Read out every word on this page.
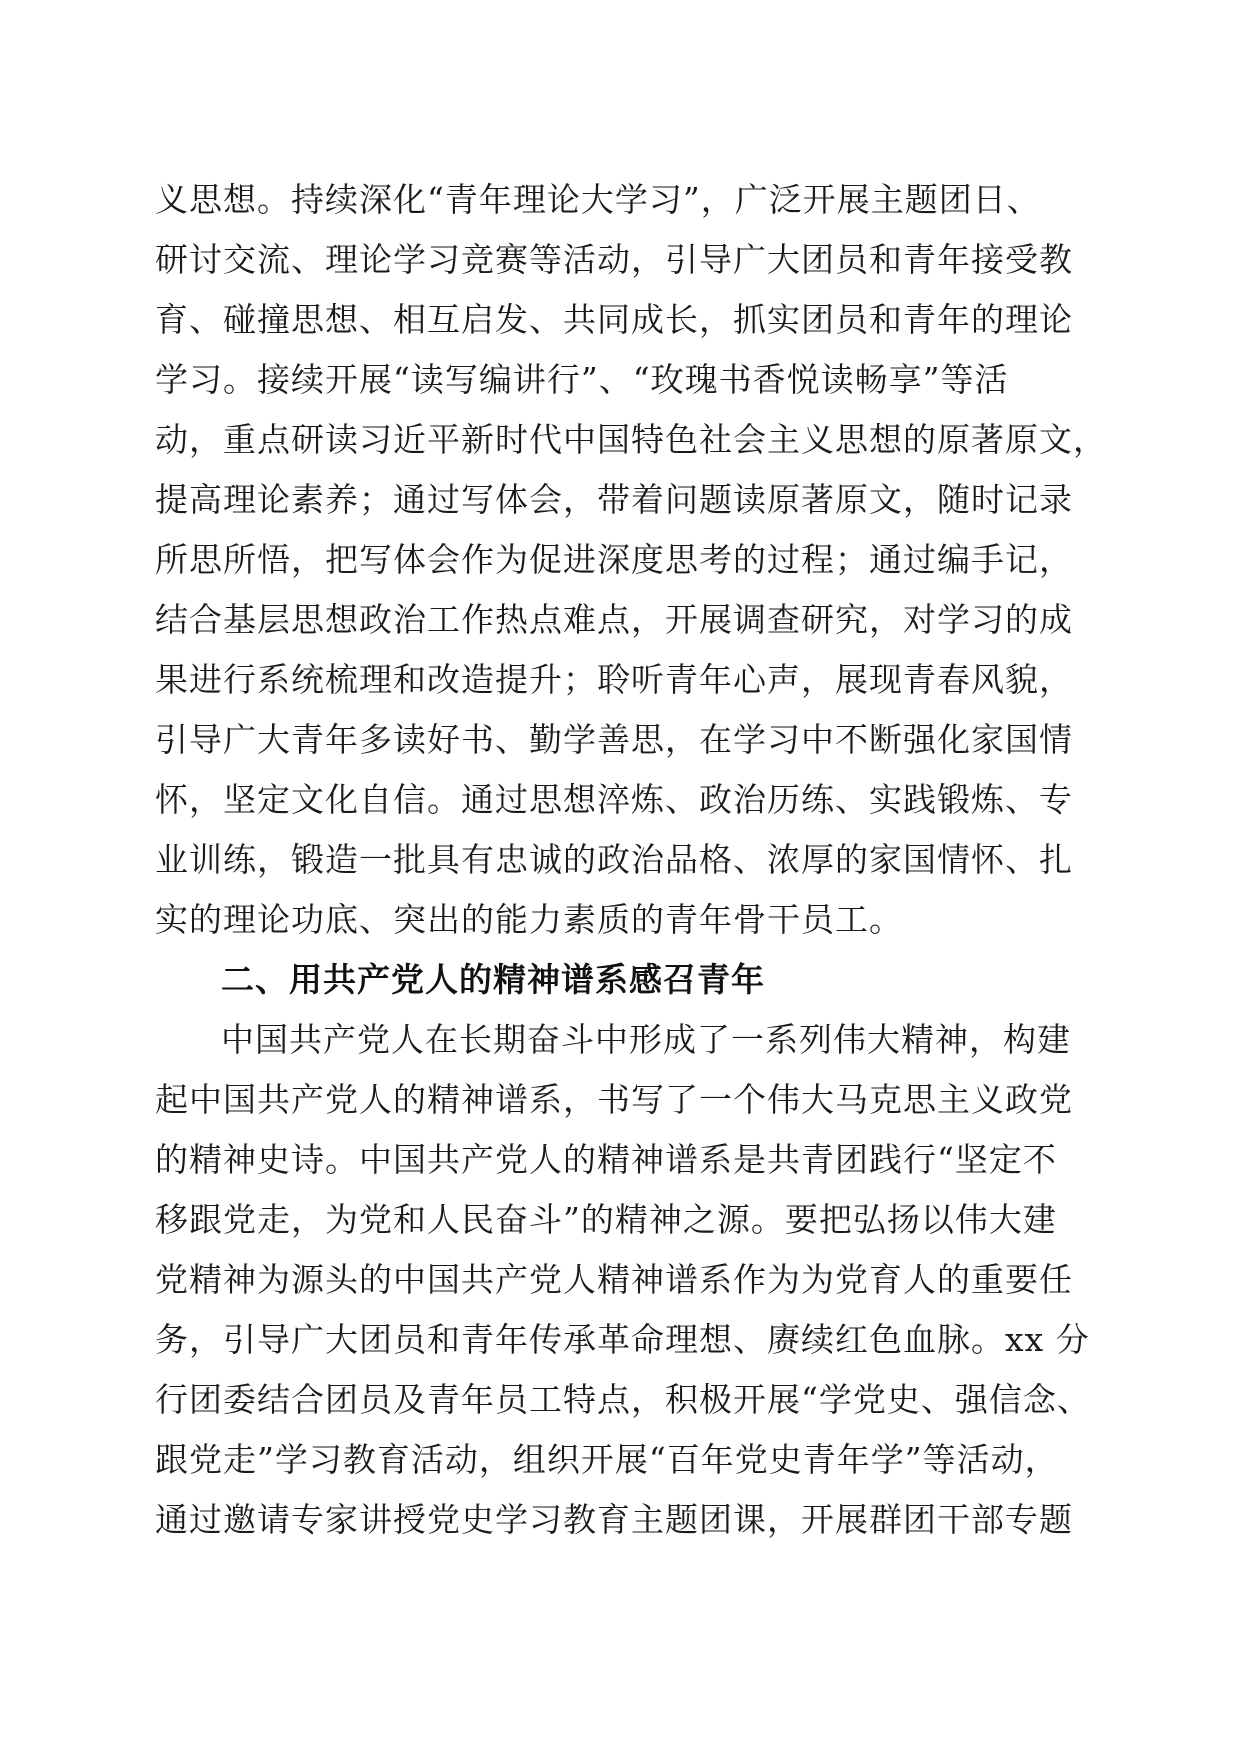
义思想。持续深化“青年理论大学习”，广泛开展主题团日、
研讨交流、理论学习竞赛等活动，引导广大团员和青年接受教
育、碰撞思想、相互启发、共同成长，抓实团员和青年的理论
学习。接续开展“读写编讲行”、“玫瑰书香悦读畅享”等活
动，重点研读习近平新时代中国特色社会主义思想的原著原文，
提高理论素养；通过写体会，带着问题读原著原文，随时记录
所思所悟，把写体会作为促进深度思考的过程；通过编手记，
结合基层思想政治工作热点难点，开展调查研究，对学习的成
果进行系统梳理和改造提升；聆听青年心声，展现青春风貌，
引导广大青年多读好书、勤学善思，在学习中不断强化家国情
怀，坚定文化自信。通过思想淬炼、政治历练、实践锻炼、专
业训练，锻造一批具有忠诚的政治品格、浓厚的家国情怀、扎
实的理论功底、突出的能力素质的青年骨干员工。
二、用共产党人的精神谱系感召青年
中国共产党人在长期奋斗中形成了一系列伟大精神，构建
起中国共产党人的精神谱系，书写了一个伟大马克思主义政党
的精神史诗。中国共产党人的精神谱系是共青团践行“坚定不
移跟党走，为党和人民奋斗”的精神之源。要把弘扬以伟大建
党精神为源头的中国共产党人精神谱系作为为党育人的重要任
务，引导广大团员和青年传承革命理想、赓续红色血脉。xx 分
行团委结合团员及青年员工特点，积极开展“学党史、强信念、
跟党走”学习教育活动，组织开展“百年党史青年学”等活动，
通过邀请专家讲授党史学习教育主题团课，开展群团干部专题
